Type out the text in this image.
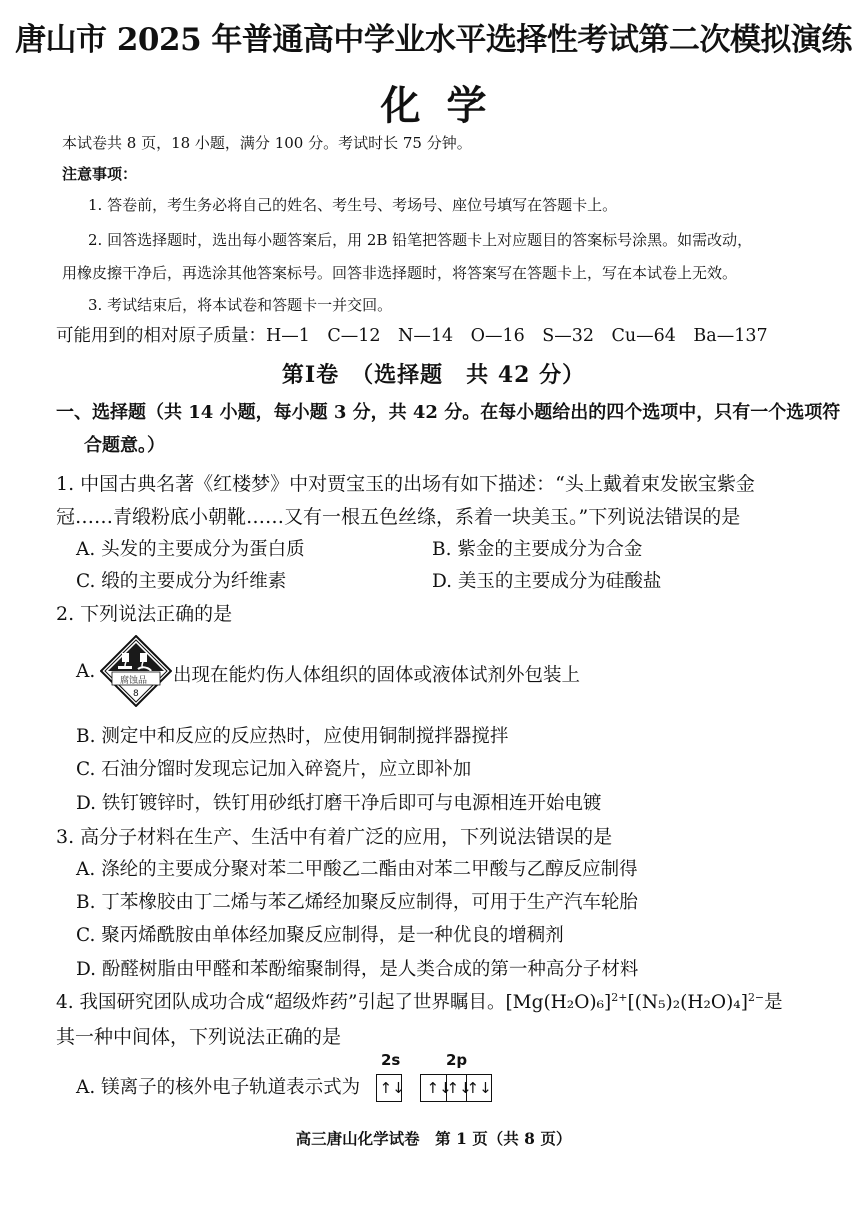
唐山市 2025 年普通高中学业水平选择性考试第二次模拟演练
化学
本试卷共 8 页，18 小题，满分 100 分。考试时长 75 分钟。
注意事项：
1. 答卷前，考生务必将自己的姓名、考生号、考场号、座位号填写在答题卡上。
2. 回答选择题时，选出每小题答案后，用 2B 铅笔把答题卡上对应题目的答案标号涂黑。如需改动，
用橡皮擦干净后，再选涂其他答案标号。回答非选择题时，将答案写在答题卡上，写在本试卷上无效。
3. 考试结束后，将本试卷和答题卡一并交回。
可能用到的相对原子质量：H—1　C—12　N—14　O—16　S—32　Cu—64　Ba—137
第Ⅰ卷　（选择题　共 42 分）
一、选择题（共 14 小题，每小题 3 分，共 42 分。在每小题给出的四个选项中，只有一个选项符
合题意。）
1. 中国古典名著《红楼梦》中对贾宝玉的出场有如下描述：“头上戴着束发嵌宝紫金
冠……青缎粉底小朝靴……又有一根五色丝绦，系着一块美玉。”下列说法错误的是
A. 头发的主要成分为蛋白质	B. 紫金的主要成分为合金
C. 缎的主要成分为纤维素	D. 美玉的主要成分为硅酸盐
2. 下列说法正确的是
A.	腐蚀品
8
出现在能灼伤人体组织的固体或液体试剂外包装上
B. 测定中和反应的反应热时，应使用铜制搅拌器搅拌
C. 石油分馏时发现忘记加入碎瓷片，应立即补加
D. 铁钉镀锌时，铁钉用砂纸打磨干净后即可与电源相连开始电镀
3. 高分子材料在生产、生活中有着广泛的应用，下列说法错误的是
A. 涤纶的主要成分聚对苯二甲酸乙二酯由对苯二甲酸与乙醇反应制得
B. 丁苯橡胶由丁二烯与苯乙烯经加聚反应制得，可用于生产汽车轮胎
C. 聚丙烯酰胺由单体经加聚反应制得，是一种优良的增稠剂
D. 酚醛树脂由甲醛和苯酚缩聚制得，是人类合成的第一种高分子材料
4. 我国研究团队成功合成“超级炸药”引起了世界瞩目。$[Mg(H_2O)_6]^{2+}[(N_5)_2(H_2O)_4]^{2-}$是
其一种中间体，下列说法正确的是
A. 镁离子的核外电子轨道表示式为
2s	2p
↑↓	↑↓↑↓↑↓
高三唐山化学试卷　第 1 页（共 8 页）
